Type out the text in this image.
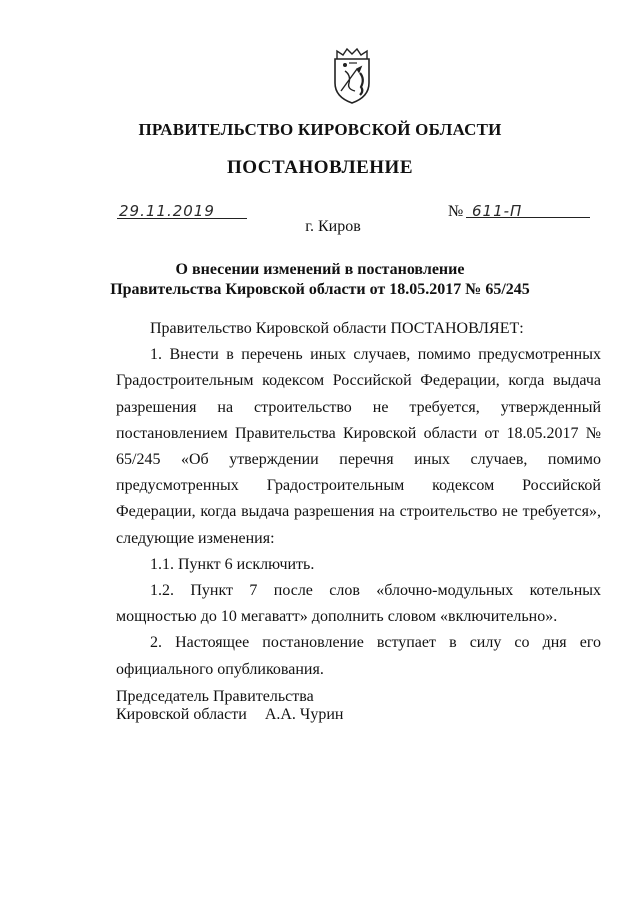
ПРАВИТЕЛЬСТВО КИРОВСКОЙ ОБЛАСТИ
ПОСТАНОВЛЕНИЕ
29.11.2019	№ 611-П
г. Киров
О внесении изменений в постановление
Правительства Кировской области от 18.05.2017 № 65/245

Правительство Кировской области ПОСТАНОВЛЯЕТ:

1. Внести в перечень иных случаев, помимо предусмотренных Градостроительным кодексом Российской Федерации, когда выдача разрешения на строительство не требуется, утвержденный постановлением Правительства Кировской области от 18.05.2017 № 65/245 «Об утверждении перечня иных случаев, помимо предусмотренных Градостроительным кодексом Российской Федерации, когда выдача разрешения на строительство не требуется», следующие изменения:

1.1. Пункт 6 исключить.

1.2. Пункт 7 после слов «блочно-модульных котельных мощностью до 10 мегаватт» дополнить словом «включительно».

2. Настоящее постановление вступает в силу со дня его официального опубликования.

Председатель Правительства
Кировской области А.А. Чурин
